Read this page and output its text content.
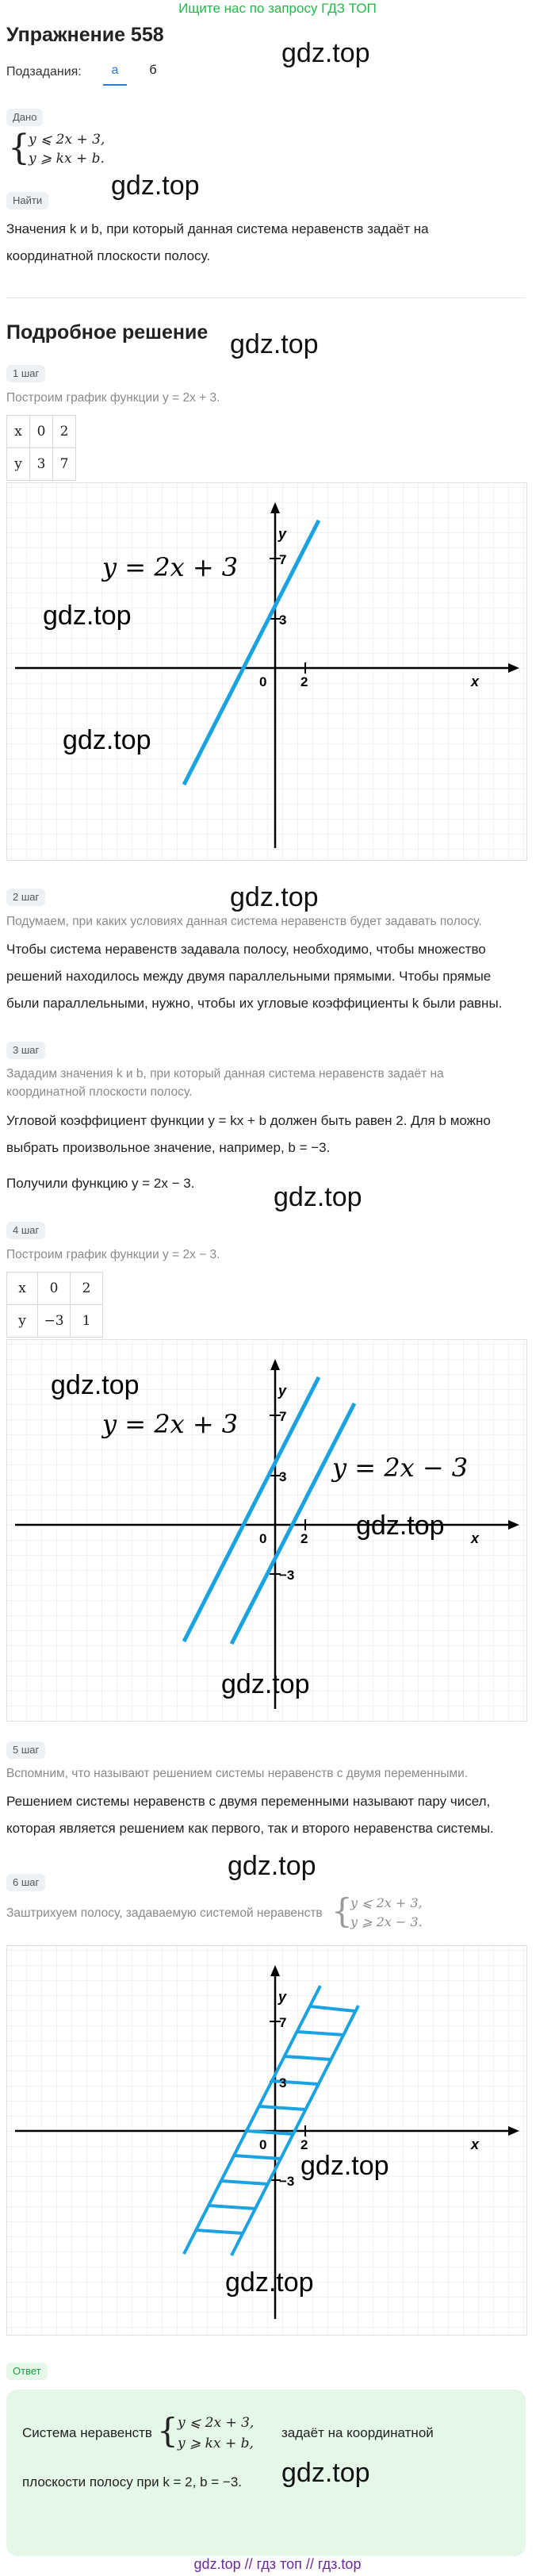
Ищите нас по запросу ГДЗ ТОП
Упражнение 558
gdz.top
Подзадания:	а	б
Дано
{
y ⩽ 2x + 3,
y ⩾ kx + b.
Найти	gdz.top
Значения k и b, при который данная система неравенств задаёт на
координатной плоскости полосу.
Подробное решение gdz.top
1 шаг
Построим график функции y = 2x + 3.
x	0	2
y	3	7
y
x
0	2
3
7
y = 2x + 3
gdz.top
gdz.top
gdz.top
2 шаг
Подумаем, при каких условиях данная система неравенств будет задавать полосу.
Чтобы система неравенств задавала полосу, необходимо, чтобы множество
решений находилось между двумя параллельными прямыми. Чтобы прямые
были параллельными, нужно, чтобы их угловые коэффициенты k были равны.
3 шаг
Зададим значения k и b, при который данная система неравенств задаёт на
координатной плоскости полосу.
Угловой коэффициент функции y = kx + b должен быть равен 2. Для b можно
выбрать произвольное значение, например, b = −3.
gdz.top
Получили функцию y = 2x − 3.
4 шаг
Построим график функции y = 2x − 3.
x	0	2
y	−3	1
y
x
0	2
3
7
−3
y = 2x + 3
y = 2x − 3
gdz.top
gdz.top
gdz.top
5 шаг
Вспомним, что называют решением системы неравенств с двумя переменными.
Решением системы неравенств с двумя переменными называют пару чисел,
которая является решением как первого, так и второго неравенства системы.
gdz.top
6 шаг
Заштрихуем полосу, задаваемую системой неравенств {
y ⩽ 2x + 3,
y ⩾ 2x − 3.
y
x
0	2
3
7
−3
gdz.top
gdz.top
Ответ
Система неравенств { y ⩽ 2x + 3,
y ⩾ kx + b,
задаёт на координатной
плоскости полосу при k = 2, b = −3. gdz.top
gdz.top // гдз топ // гдз.top
